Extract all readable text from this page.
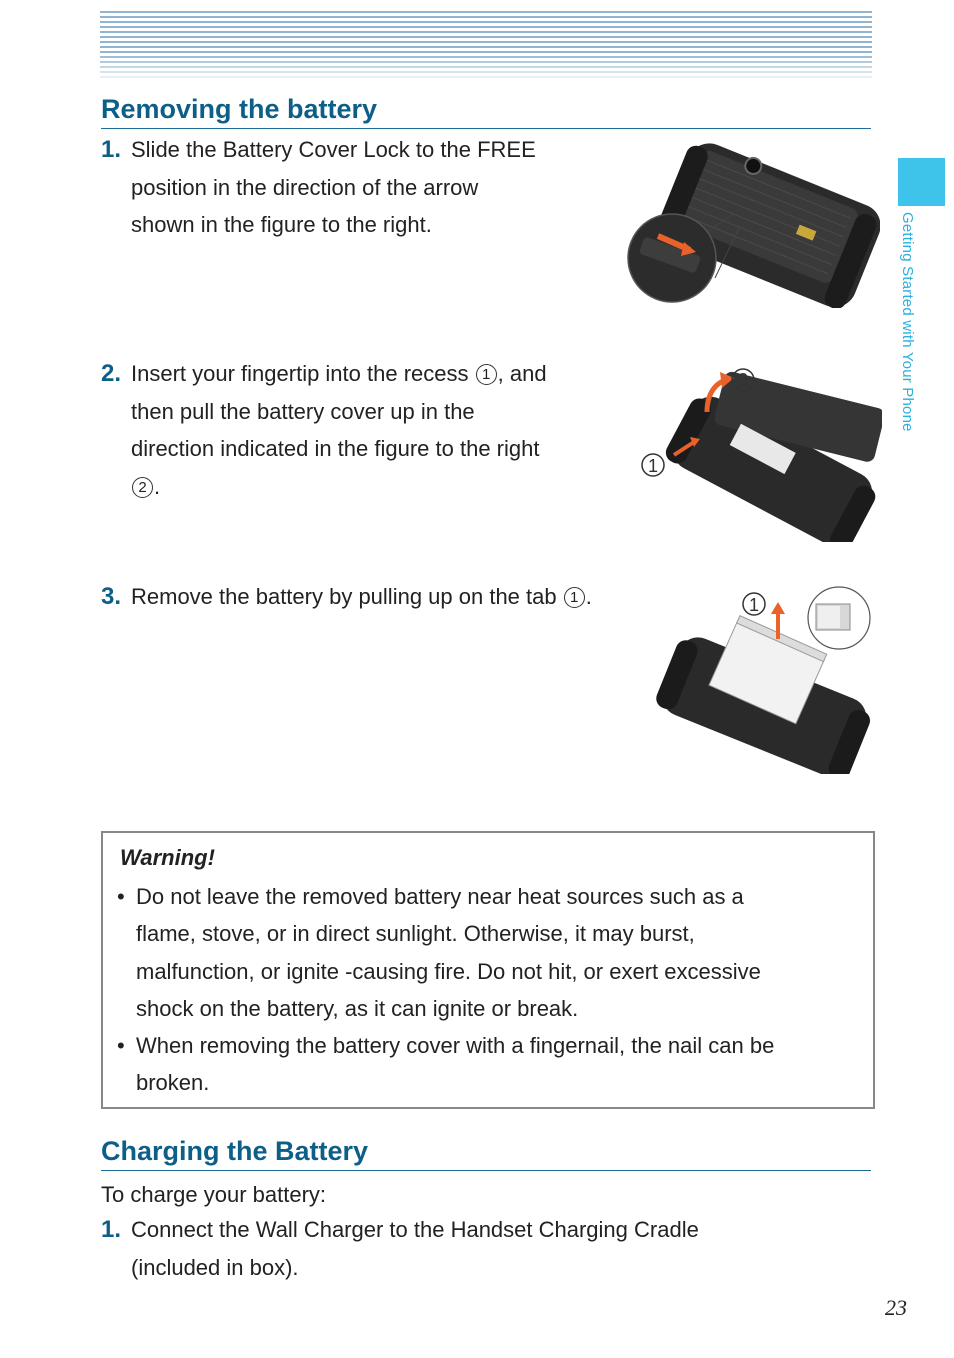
Getting Started with Your Phone
Removing the battery
1. Slide the Battery Cover Lock to the FREE
position in the direction of the arrow
shown in the figure to the right.
2. Insert your fingertip into the recess 1 , and
then pull the battery cover up in the
direction indicated in the figure to the right
2 .
2
1
3. Remove the battery by pulling up on the tab 1 .	1
Warning!
• Do not leave the removed battery near heat sources such as a
flame, stove, or in direct sunlight. Otherwise, it may burst,
malfunction, or ignite -causing fire. Do not hit, or exert excessive
shock on the battery, as it can ignite or break.
• When removing the battery cover with a fingernail, the nail can be
broken.
Charging the Battery
To charge your battery:
1. Connect the Wall Charger to the Handset Charging Cradle
(included in box).
23
